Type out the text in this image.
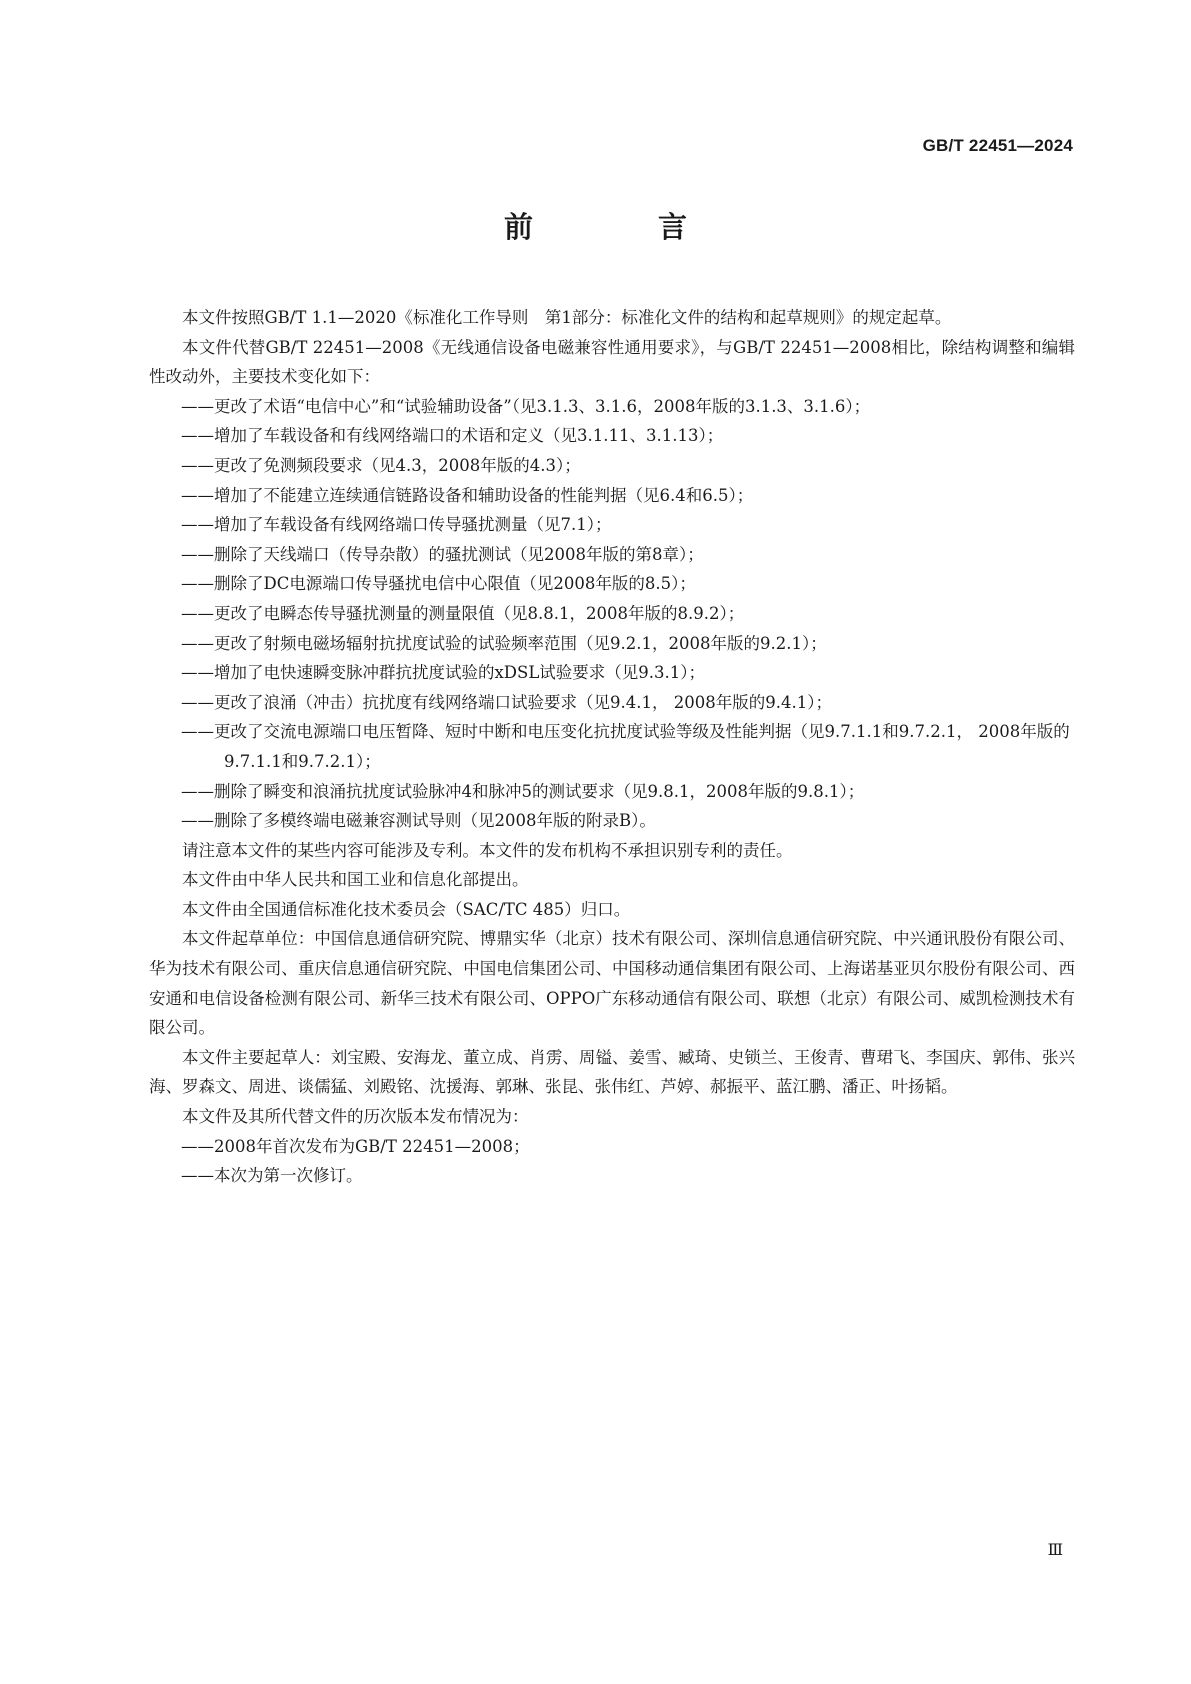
GB/T 22451—2024
前　言

本文件按照GB/T 1.1—2020《标准化工作导则　第1部分：标准化文件的结构和起草规则》的规定起草。

本文件代替GB/T 22451—2008《无线通信设备电磁兼容性通用要求》，与GB/T 22451—2008相比，除结构调整和编辑性改动外，主要技术变化如下：

——更改了术语“电信中心”和“试验辅助设备”（见3.1.3、3.1.6，2008年版的3.1.3、3.1.6）；
——增加了车载设备和有线网络端口的术语和定义（见3.1.11、3.1.13）；
——更改了免测频段要求（见4.3，2008年版的4.3）；
——增加了不能建立连续通信链路设备和辅助设备的性能判据（见6.4和6.5）；
——增加了车载设备有线网络端口传导骚扰测量（见7.1）；
——删除了天线端口（传导杂散）的骚扰测试（见2008年版的第8章）；
——删除了DC电源端口传导骚扰电信中心限值（见2008年版的8.5）；
——更改了电瞬态传导骚扰测量的测量限值（见8.8.1，2008年版的8.9.2）；
——更改了射频电磁场辐射抗扰度试验的试验频率范围（见9.2.1，2008年版的9.2.1）；
——增加了电快速瞬变脉冲群抗扰度试验的xDSL试验要求（见9.3.1）；
——更改了浪涌（冲击）抗扰度有线网络端口试验要求（见9.4.1， 2008年版的9.4.1）；
——更改了交流电源端口电压暂降、短时中断和电压变化抗扰度试验等级及性能判据（见9.7.1.1和9.7.2.1， 2008年版的9.7.1.1和9.7.2.1）；
——删除了瞬变和浪涌抗扰度试验脉冲4和脉冲5的测试要求（见9.8.1，2008年版的9.8.1）；
——删除了多模终端电磁兼容测试导则（见2008年版的附录B）。

请注意本文件的某些内容可能涉及专利。本文件的发布机构不承担识别专利的责任。

本文件由中华人民共和国工业和信息化部提出。

本文件由全国通信标准化技术委员会（SAC/TC 485）归口。

本文件起草单位：中国信息通信研究院、博鼎实华（北京）技术有限公司、深圳信息通信研究院、中兴通讯股份有限公司、华为技术有限公司、重庆信息通信研究院、中国电信集团公司、中国移动通信集团有限公司、上海诺基亚贝尔股份有限公司、西安通和电信设备检测有限公司、新华三技术有限公司、OPPO广东移动通信有限公司、联想（北京）有限公司、威凯检测技术有限公司。

本文件主要起草人：刘宝殿、安海龙、董立成、肖雳、周镒、姜雪、臧琦、史锁兰、王俊青、曹珺飞、李国庆、郭伟、张兴海、罗森文、周进、谈儒猛、刘殿铭、沈援海、郭琳、张昆、张伟红、芦婷、郝振平、蓝江鹏、潘正、叶扬韬。

本文件及其所代替文件的历次版本发布情况为：

——2008年首次发布为GB/T 22451—2008；
——本次为第一次修订。
Ⅲ
